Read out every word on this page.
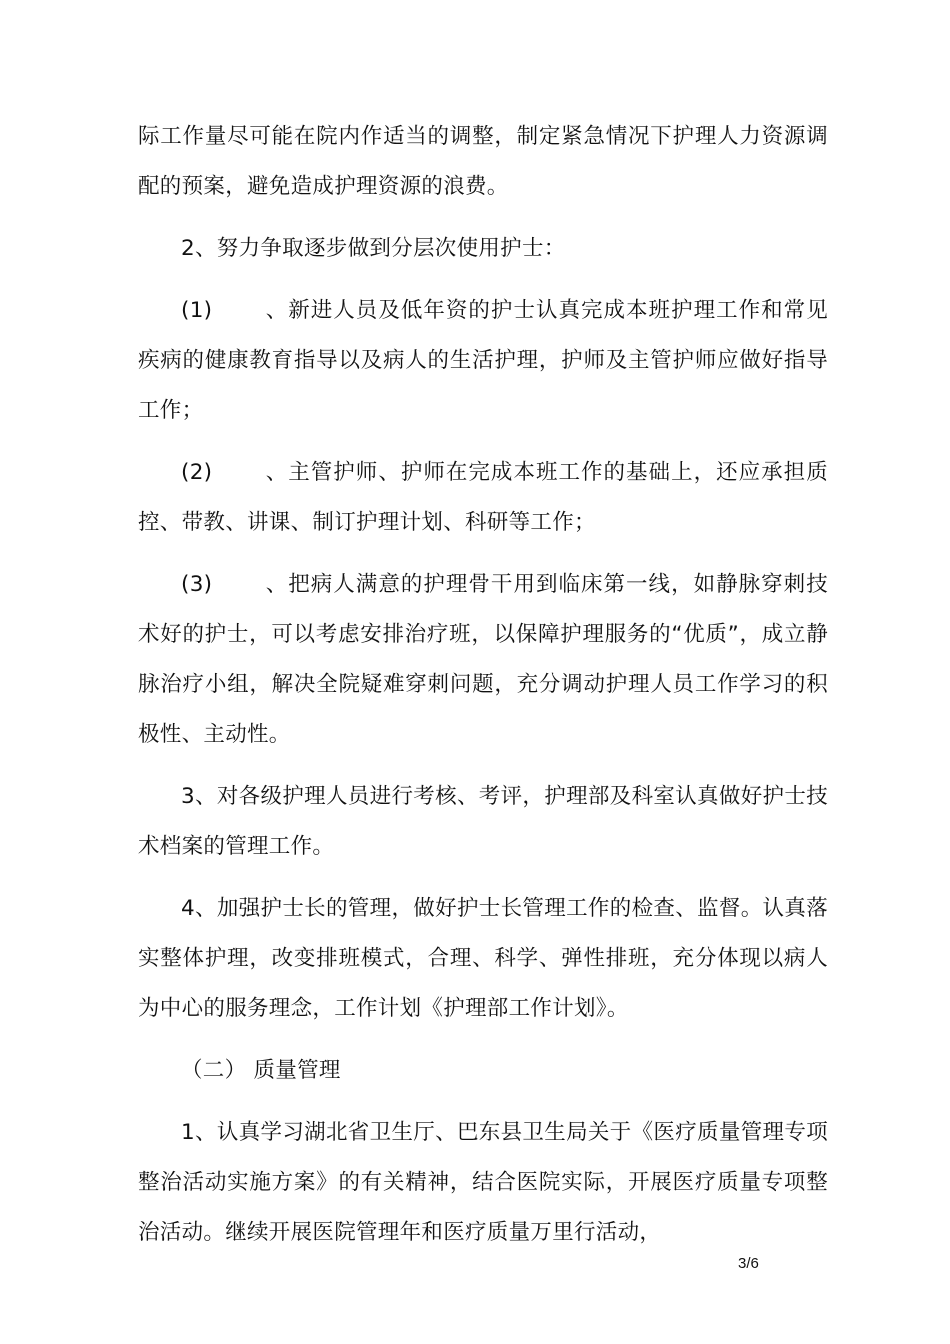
际工作量尽可能在院内作适当的调整，制定紧急情况下护理人力资源调配的预案，避免造成护理资源的浪费。

2、努力争取逐步做到分层次使用护士：

(1) 、新进人员及低年资的护士认真完成本班护理工作和常见疾病的健康教育指导以及病人的生活护理，护师及主管护师应做好指导工作；

(2) 、主管护师、护师在完成本班工作的基础上，还应承担质控、带教、讲课、制订护理计划、科研等工作；

(3) 、把病人满意的护理骨干用到临床第一线，如静脉穿刺技术好的护士，可以考虑安排治疗班，以保障护理服务的“优质”，成立静脉治疗小组，解决全院疑难穿刺问题，充分调动护理人员工作学习的积极性、主动性。

3、对各级护理人员进行考核、考评，护理部及科室认真做好护士技术档案的管理工作。

4、加强护士长的管理，做好护士长管理工作的检查、监督。认真落实整体护理，改变排班模式，合理、科学、弹性排班，充分体现以病人为中心的服务理念，工作计划《护理部工作计划》。

（二） 质量管理

1、认真学习湖北省卫生厅、巴东县卫生局关于《医疗质量管理专项整治活动实施方案》的有关精神，结合医院实际，开展医疗质量专项整治活动。继续开展医院管理年和医疗质量万里行活动，

3/6
